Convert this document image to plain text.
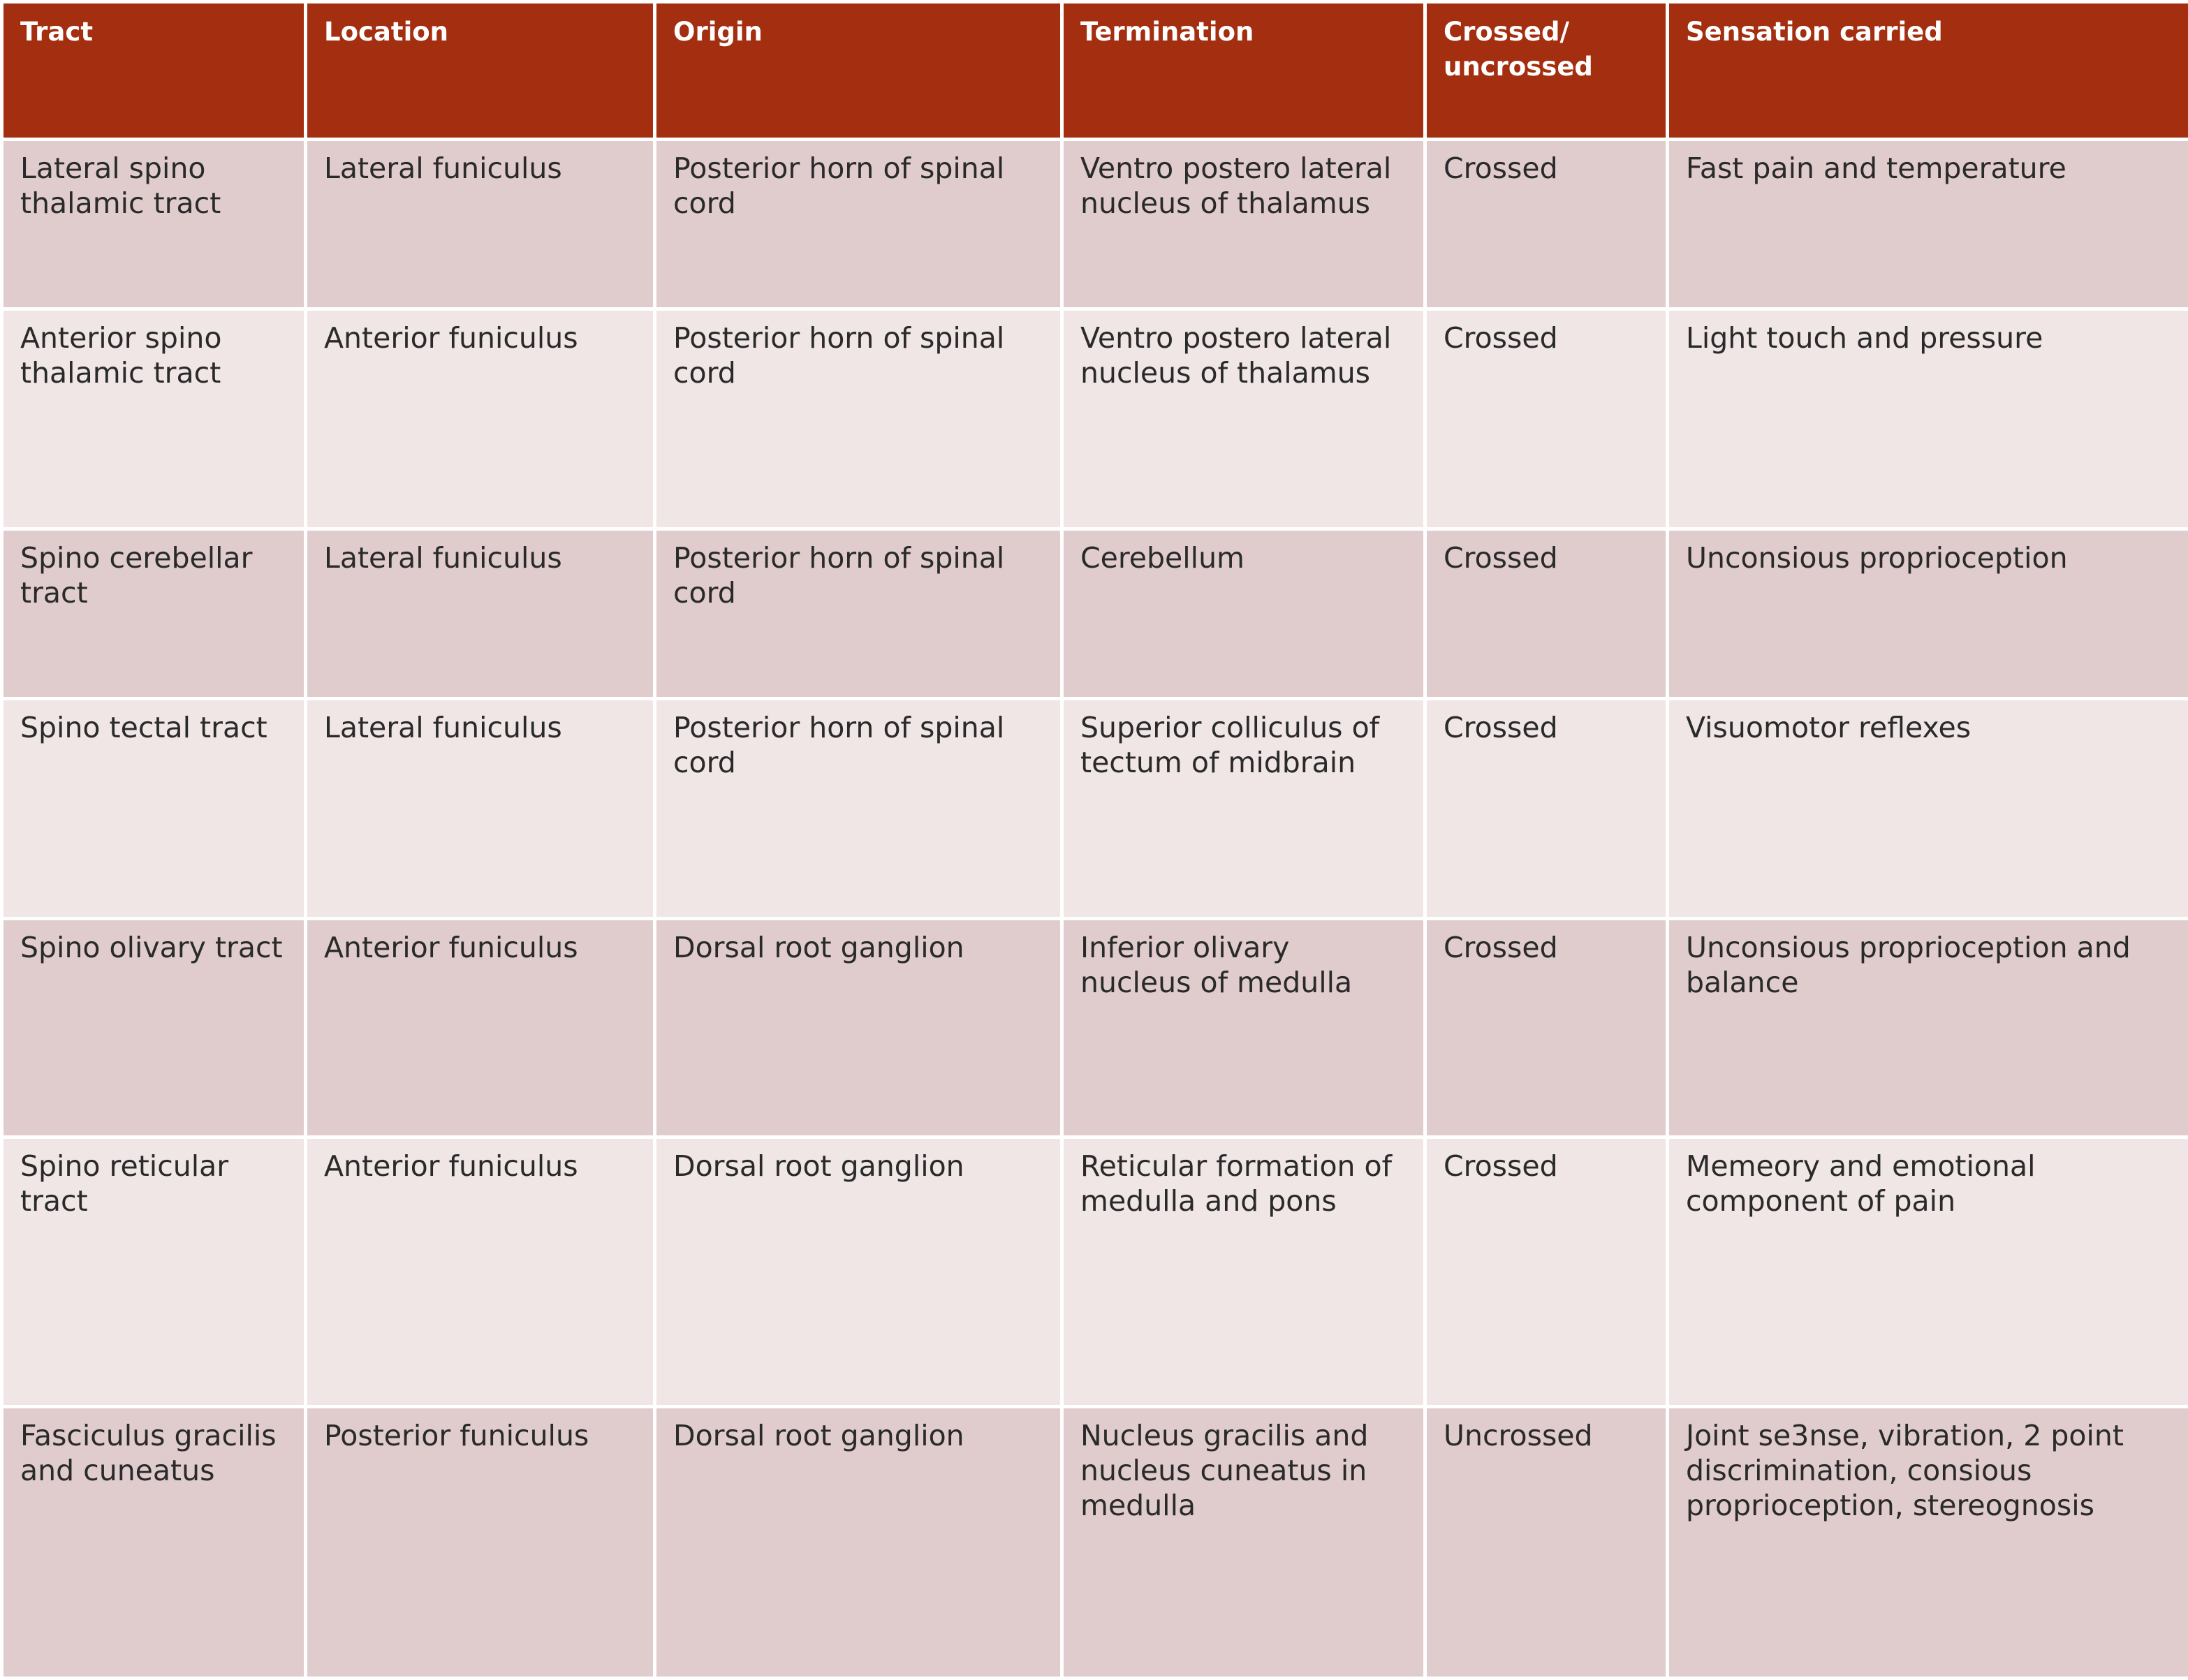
Tract	Location	Origin	Termination	Crossed/ uncrossed	Sensation carried
Lateral spino thalamic tract	Lateral funiculus	Posterior horn of spinal cord	Ventro postero lateral nucleus of thalamus	Crossed	Fast pain and temperature
Anterior spino thalamic tract	Anterior funiculus	Posterior horn of spinal cord	Ventro postero lateral nucleus of thalamus	Crossed	Light touch and pressure
Spino cerebellar tract	Lateral funiculus	Posterior horn of spinal cord	Cerebellum	Crossed	Unconsious proprioception
Spino tectal tract	Lateral funiculus	Posterior horn of spinal cord	Superior colliculus of tectum of midbrain	Crossed	Visuomotor reflexes
Spino olivary tract	Anterior funiculus	Dorsal root ganglion	Inferior olivary nucleus of medulla	Crossed	Unconsious proprioception and balance
Spino reticular tract	Anterior funiculus	Dorsal root ganglion	Reticular formation of medulla and pons	Crossed	Memeory and emotional component of pain
Fasciculus gracilis and cuneatus	Posterior funiculus	Dorsal root ganglion	Nucleus gracilis and nucleus cuneatus in medulla	Uncrossed	Joint se3nse, vibration, 2 point discrimination, consious proprioception, stereognosis
